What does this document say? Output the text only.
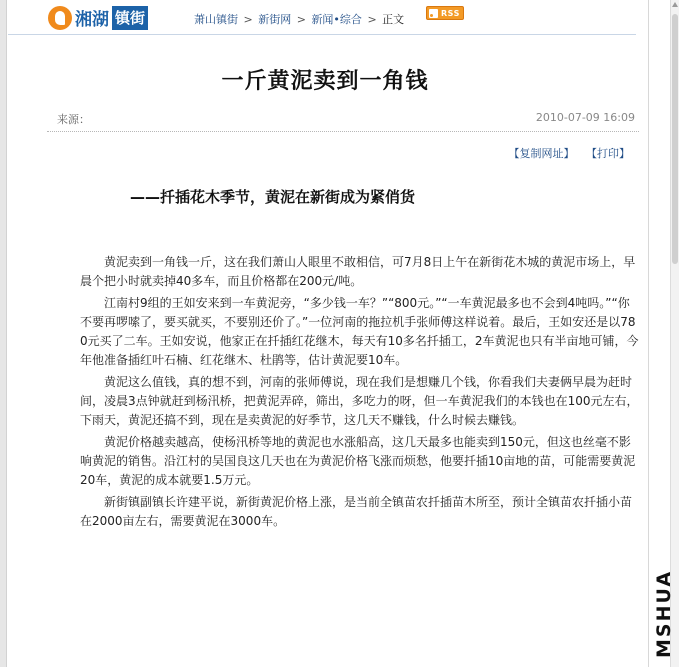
湘湖 镇街	萧山镇街 > 新街网 > 新闻•综合 > 正文	RSS
一斤黄泥卖到一角钱
来源：	2010-07-09 16:09
【复制网址】 【打印】
——扦插花木季节，黄泥在新街成为紧俏货

黄泥卖到一角钱一斤，这在我们萧山人眼里不敢相信，可7月8日上午在新街花木城的黄泥市场上，早晨个把小时就卖掉40多车，而且价格都在200元/吨。

江南村9组的王如安来到一车黄泥旁，“多少钱一车？”“800元。”“一车黄泥最多也不会到4吨吗。”“你不要再啰嗦了，要买就买，不要别还价了。”一位河南的拖拉机手张师傅这样说着。最后，王如安还是以780元买了二车。王如安说，他家正在扦插红花继木，每天有10多名扦插工，2车黄泥也只有半亩地可铺，今年他准备插红叶石楠、红花继木、杜鹃等，估计黄泥要10车。

黄泥这么值钱，真的想不到，河南的张师傅说，现在我们是想赚几个钱，你看我们夫妻俩早晨为赶时间，凌晨3点钟就赶到杨汛桥，把黄泥弄碎，筛出，多吃力的呀，但一车黄泥我们的本钱也在100元左右，下雨天，黄泥还搞不到，现在是卖黄泥的好季节，这几天不赚钱，什么时候去赚钱。

黄泥价格越卖越高，使杨汛桥等地的黄泥也水涨船高，这几天最多也能卖到150元，但这也丝毫不影响黄泥的销售。沿江村的吴国良这几天也在为黄泥价格飞涨而烦愁，他要扦插10亩地的苗，可能需要黄泥20车，黄泥的成本就要1.5万元。

新街镇副镇长许建平说，新街黄泥价格上涨，是当前全镇苗农扦插苗木所至，预计全镇苗农扦插小苗在2000亩左右，需要黄泥在3000车。

MSHUA
